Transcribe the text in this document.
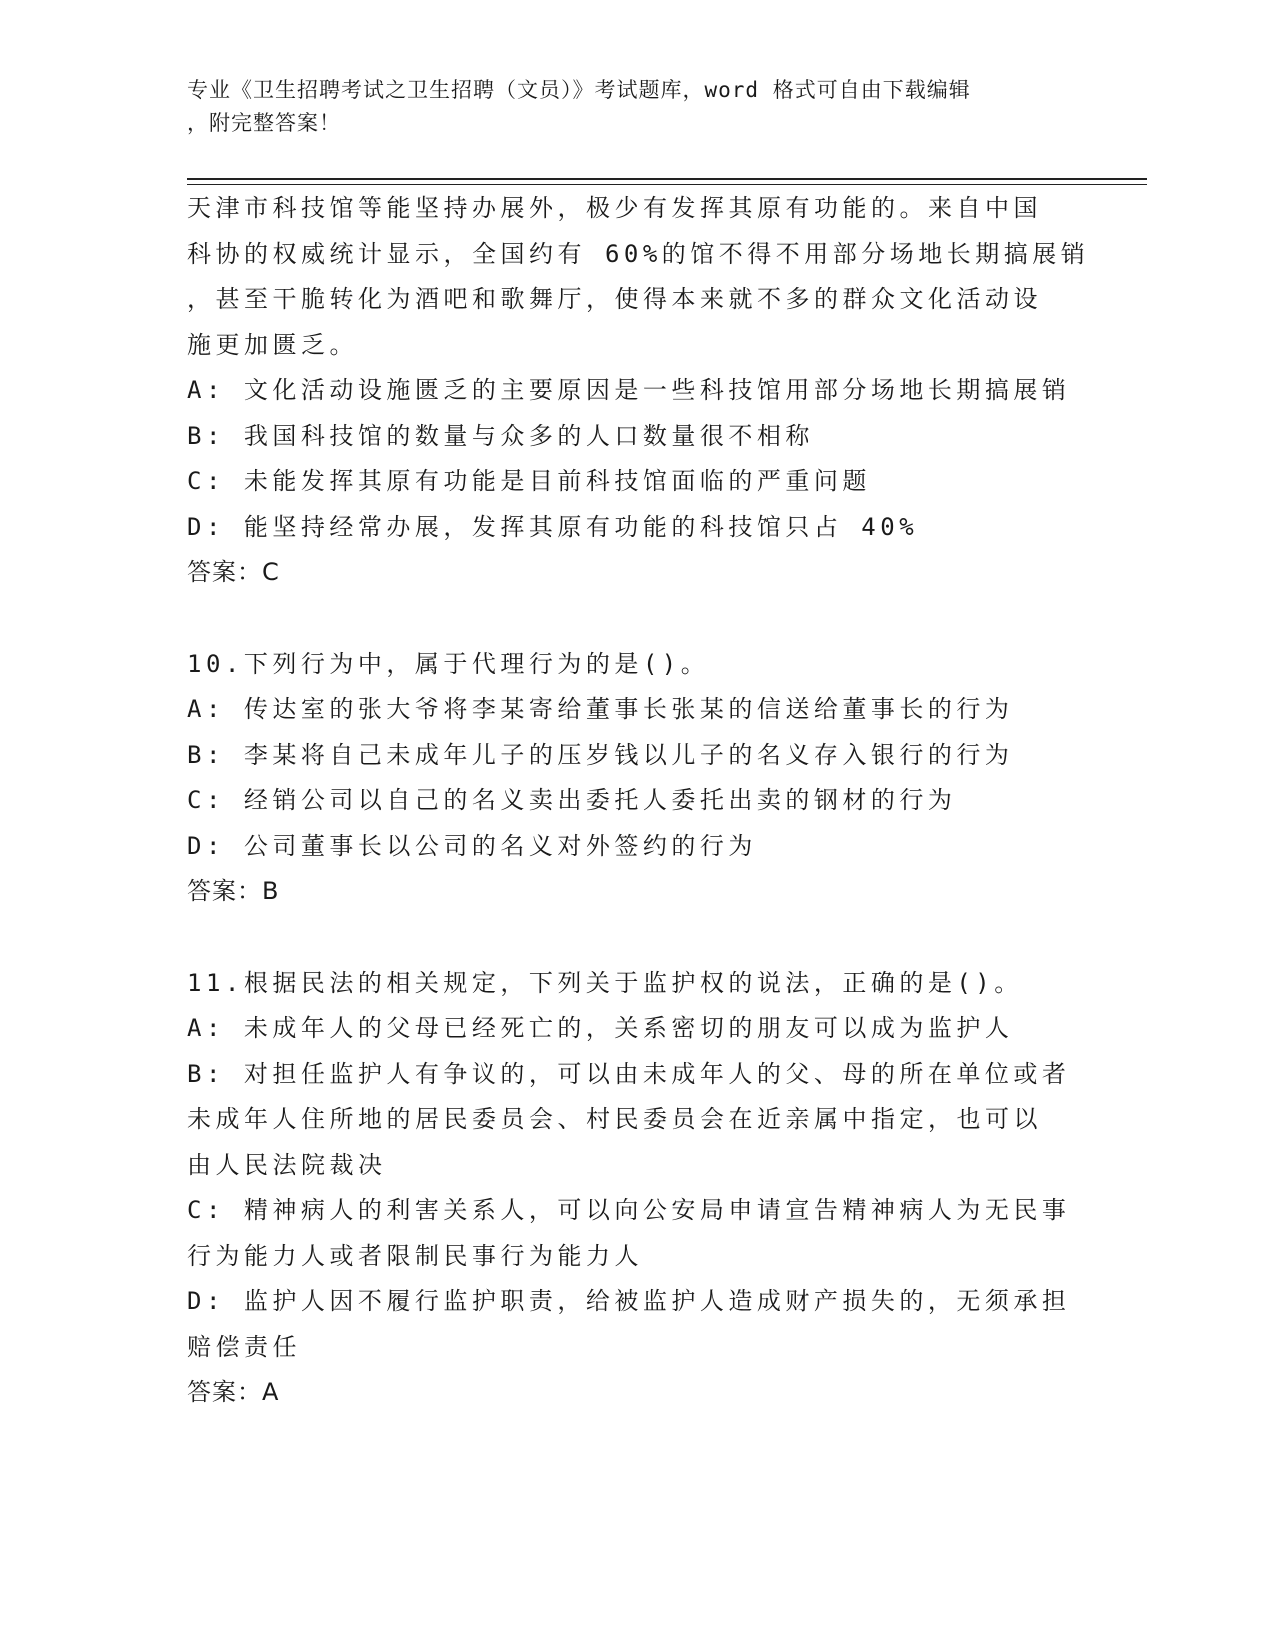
专业《卫生招聘考试之卫生招聘（文员）》考试题库，word 格式可自由下载编辑
，附完整答案！
天津市科技馆等能坚持办展外，极少有发挥其原有功能的。来自中国
科协的权威统计显示，全国约有 60%的馆不得不用部分场地长期搞展销
，甚至干脆转化为酒吧和歌舞厅，使得本来就不多的群众文化活动设
施更加匮乏。
A: 文化活动设施匮乏的主要原因是一些科技馆用部分场地长期搞展销
B: 我国科技馆的数量与众多的人口数量很不相称
C: 未能发挥其原有功能是目前科技馆面临的严重问题
D: 能坚持经常办展，发挥其原有功能的科技馆只占 40%
答案：C
10.下列行为中，属于代理行为的是()。
A: 传达室的张大爷将李某寄给董事长张某的信送给董事长的行为
B: 李某将自己未成年儿子的压岁钱以儿子的名义存入银行的行为
C: 经销公司以自己的名义卖出委托人委托出卖的钢材的行为
D: 公司董事长以公司的名义对外签约的行为
答案：B
11.根据民法的相关规定，下列关于监护权的说法，正确的是()。
A: 未成年人的父母已经死亡的，关系密切的朋友可以成为监护人
B: 对担任监护人有争议的，可以由未成年人的父、母的所在单位或者
未成年人住所地的居民委员会、村民委员会在近亲属中指定，也可以
由人民法院裁决
C: 精神病人的利害关系人，可以向公安局申请宣告精神病人为无民事
行为能力人或者限制民事行为能力人
D: 监护人因不履行监护职责，给被监护人造成财产损失的，无须承担
赔偿责任
答案：A
